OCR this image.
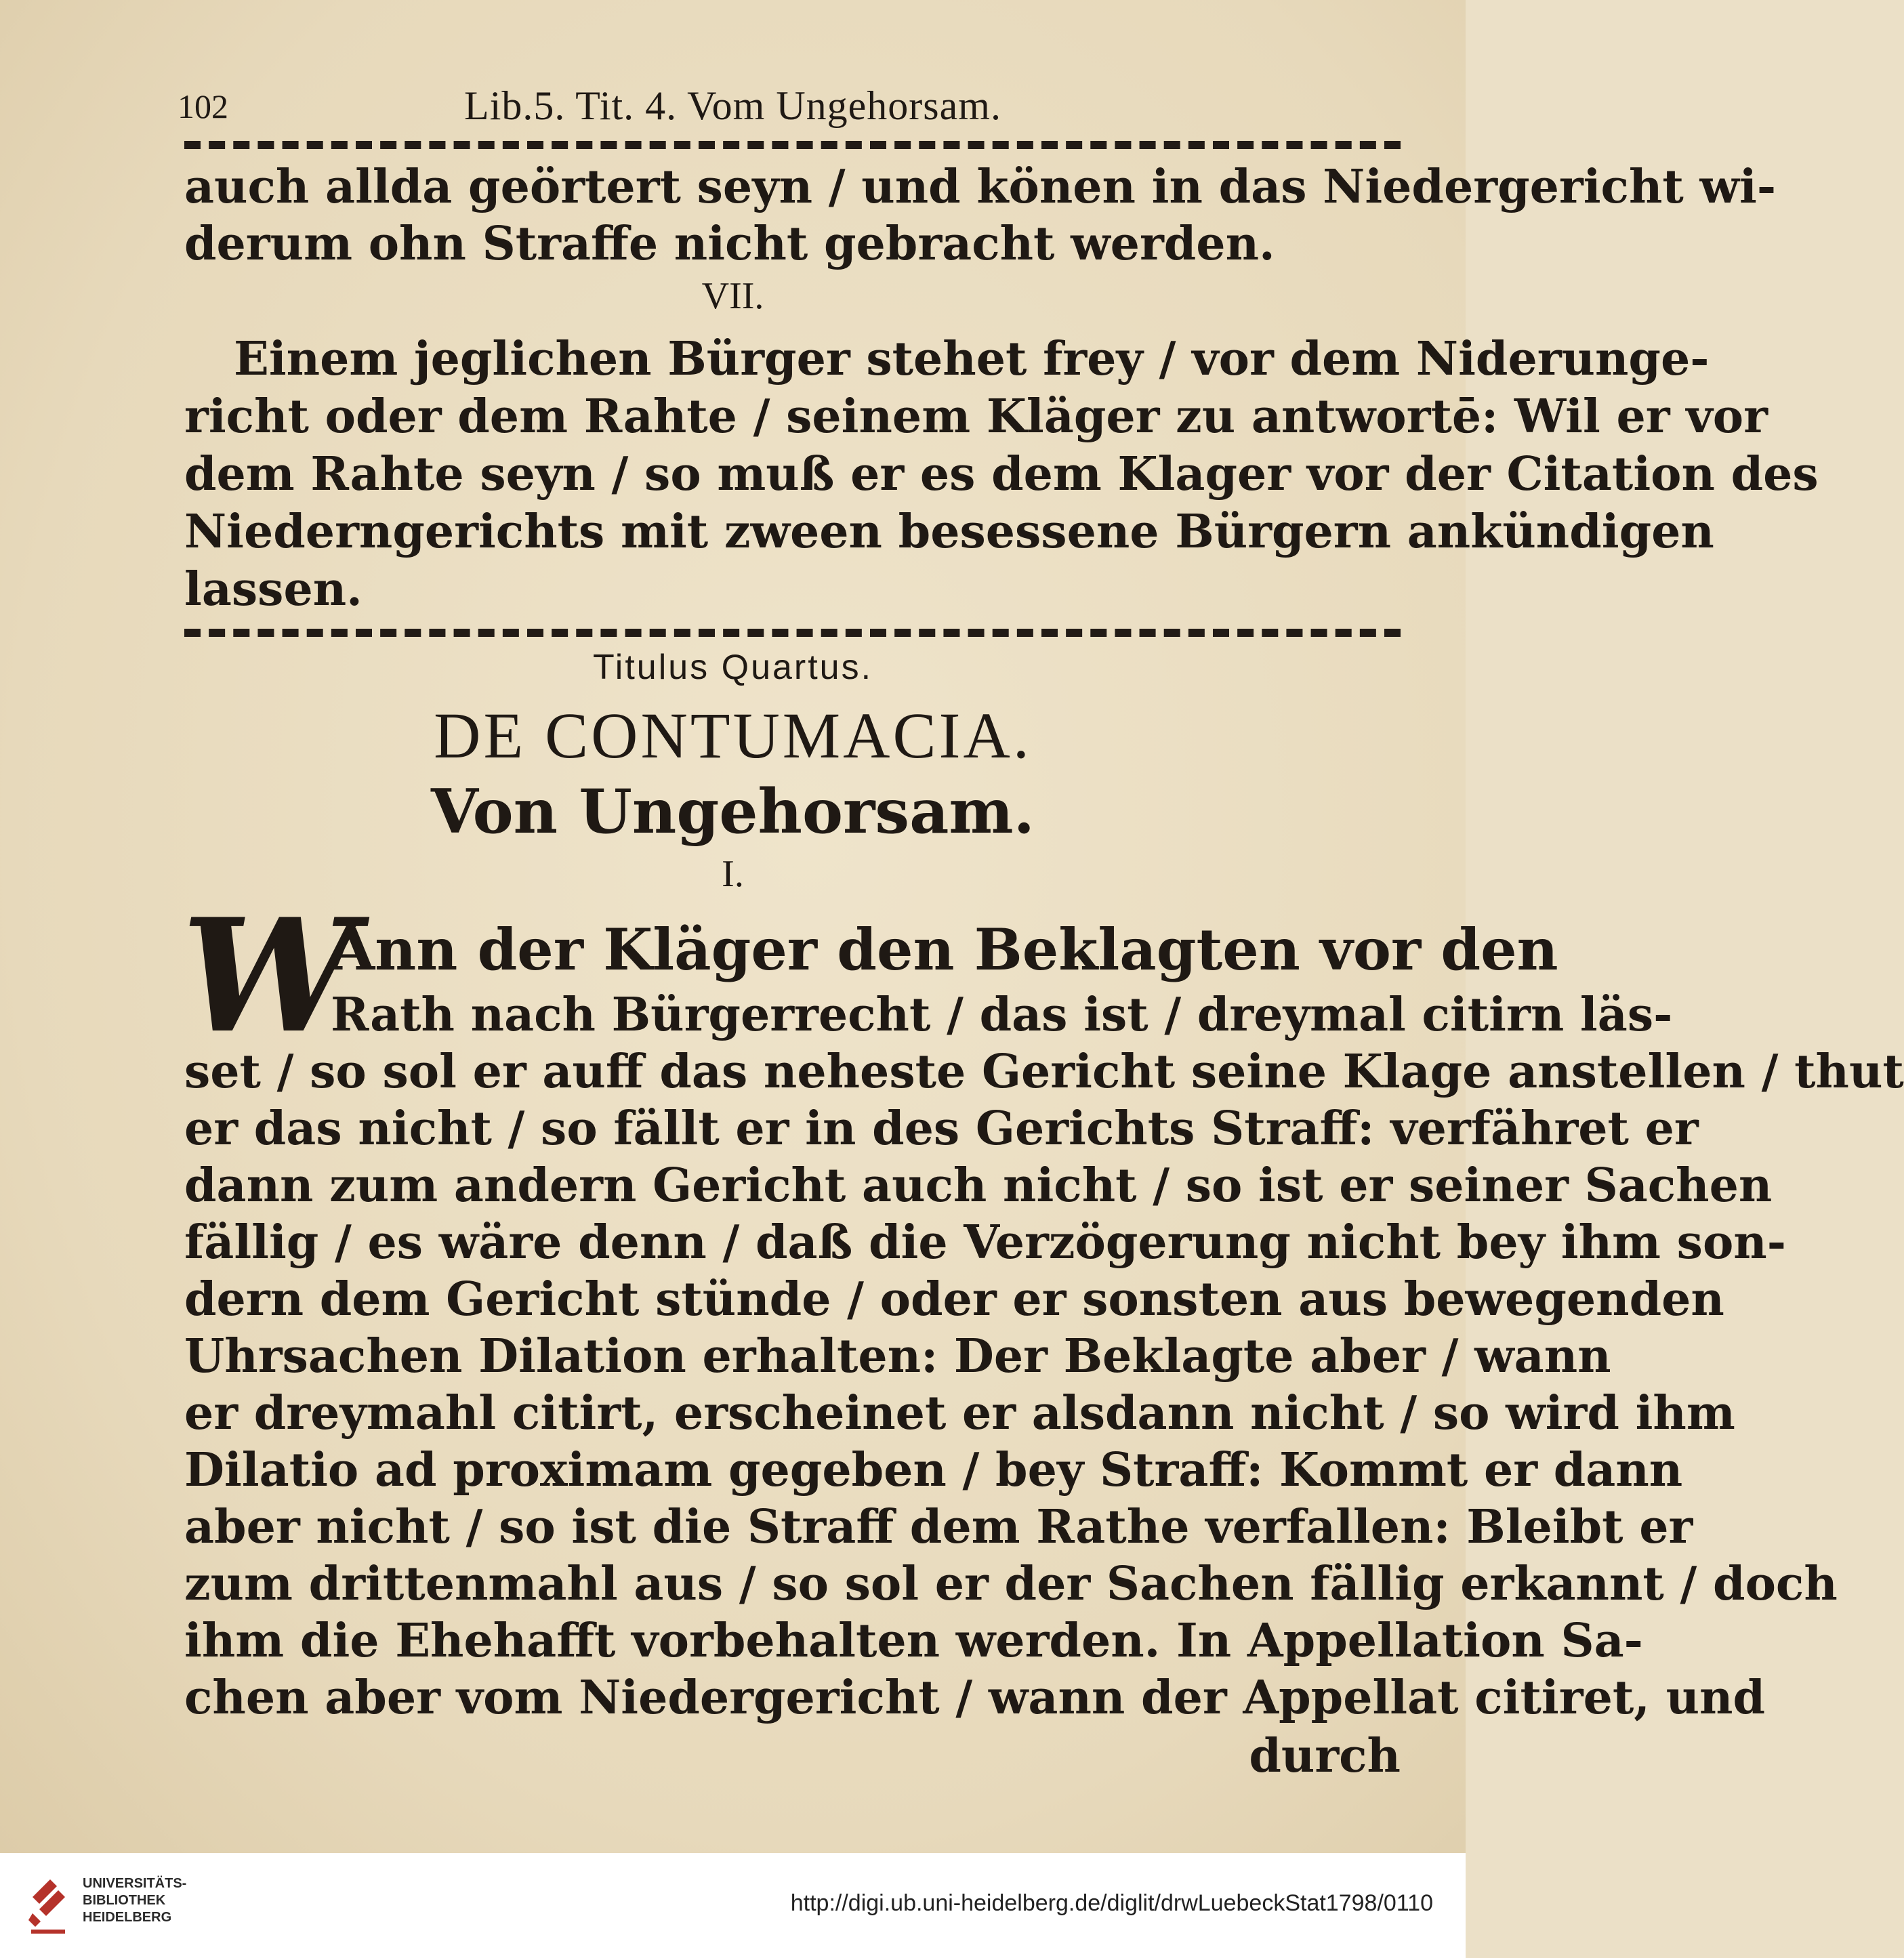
102	Lib.5. Tit. 4. Vom Ungehorsam.
auch allda geörtert seyn / und könen in das Niedergericht wi-
derum ohn Straffe nicht gebracht werden.
VII.
Einem jeglichen Bürger stehet frey / vor dem Niderunge-
richt oder dem Rahte / seinem Kläger zu antwortē: Wil er vor
dem Rahte seyn / so muß er es dem Klager vor der Citation des
Niederngerichts mit zween besessene Bürgern ankündigen
lassen.
Titulus Quartus.
DE CONTUMACIA.
Von Ungehorsam.
I.
W
Ann der Kläger den Beklagten vor den
Rath nach Bürgerrecht / das ist / dreymal citirn läs-
set / so sol er auff das neheste Gericht seine Klage anstellen / thut
er das nicht / so fällt er in des Gerichts Straff: verfähret er
dann zum andern Gericht auch nicht / so ist er seiner Sachen
fällig / es wäre denn / daß die Verzögerung nicht bey ihm son-
dern dem Gericht stünde / oder er sonsten aus bewegenden
Uhrsachen Dilation erhalten: Der Beklagte aber / wann
er dreymahl citirt, erscheinet er alsdann nicht / so wird ihm
Dilatio ad proximam gegeben / bey Straff: Kommt er dann
aber nicht / so ist die Straff dem Rathe verfallen: Bleibt er
zum drittenmahl aus / so sol er der Sachen fällig erkannt / doch
ihm die Ehehafft vorbehalten werden. In Appellation Sa-
chen aber vom Niedergericht / wann der Appellat citiret, und
durch
UNIVERSITÄTS-
BIBLIOTHEK
HEIDELBERG
http://digi.ub.uni-heidelberg.de/diglit/drwLuebeckStat1798/0110
